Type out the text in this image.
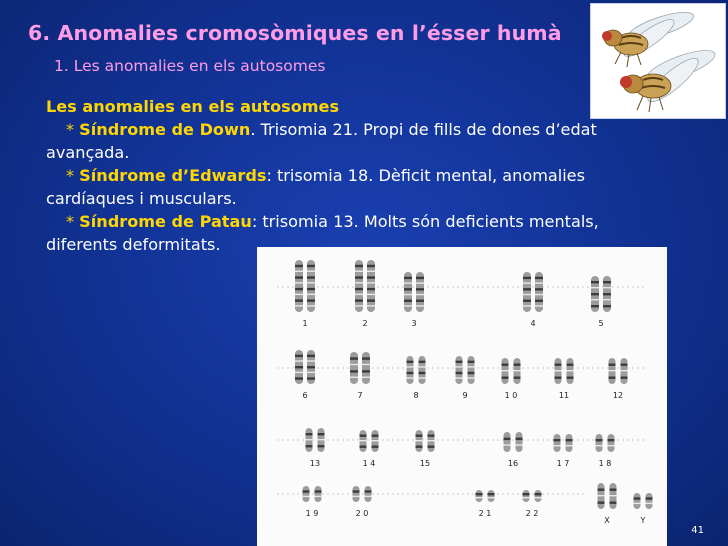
6. Anomalies cromosòmiques en l’ésser humà
1. Les anomalies en els autosomes
Les anomalies en els autosomes
* Síndrome de Down. Trisomia 21. Propi de fills de dones d’edat
avançada.
* Síndrome d’Edwards: trisomia 18. Dèficit mental, anomalies
cardíaques i musculars.
* Síndrome de Patau: trisomia 13. Molts són deficients mentals,
diferents deformitats.
1	2	3	4	5
6	7	8	9	1 0	11	12
13	1 4	15	16	1 7	1 8
1 9	2 0	2 1	2 2
X	Y
41
